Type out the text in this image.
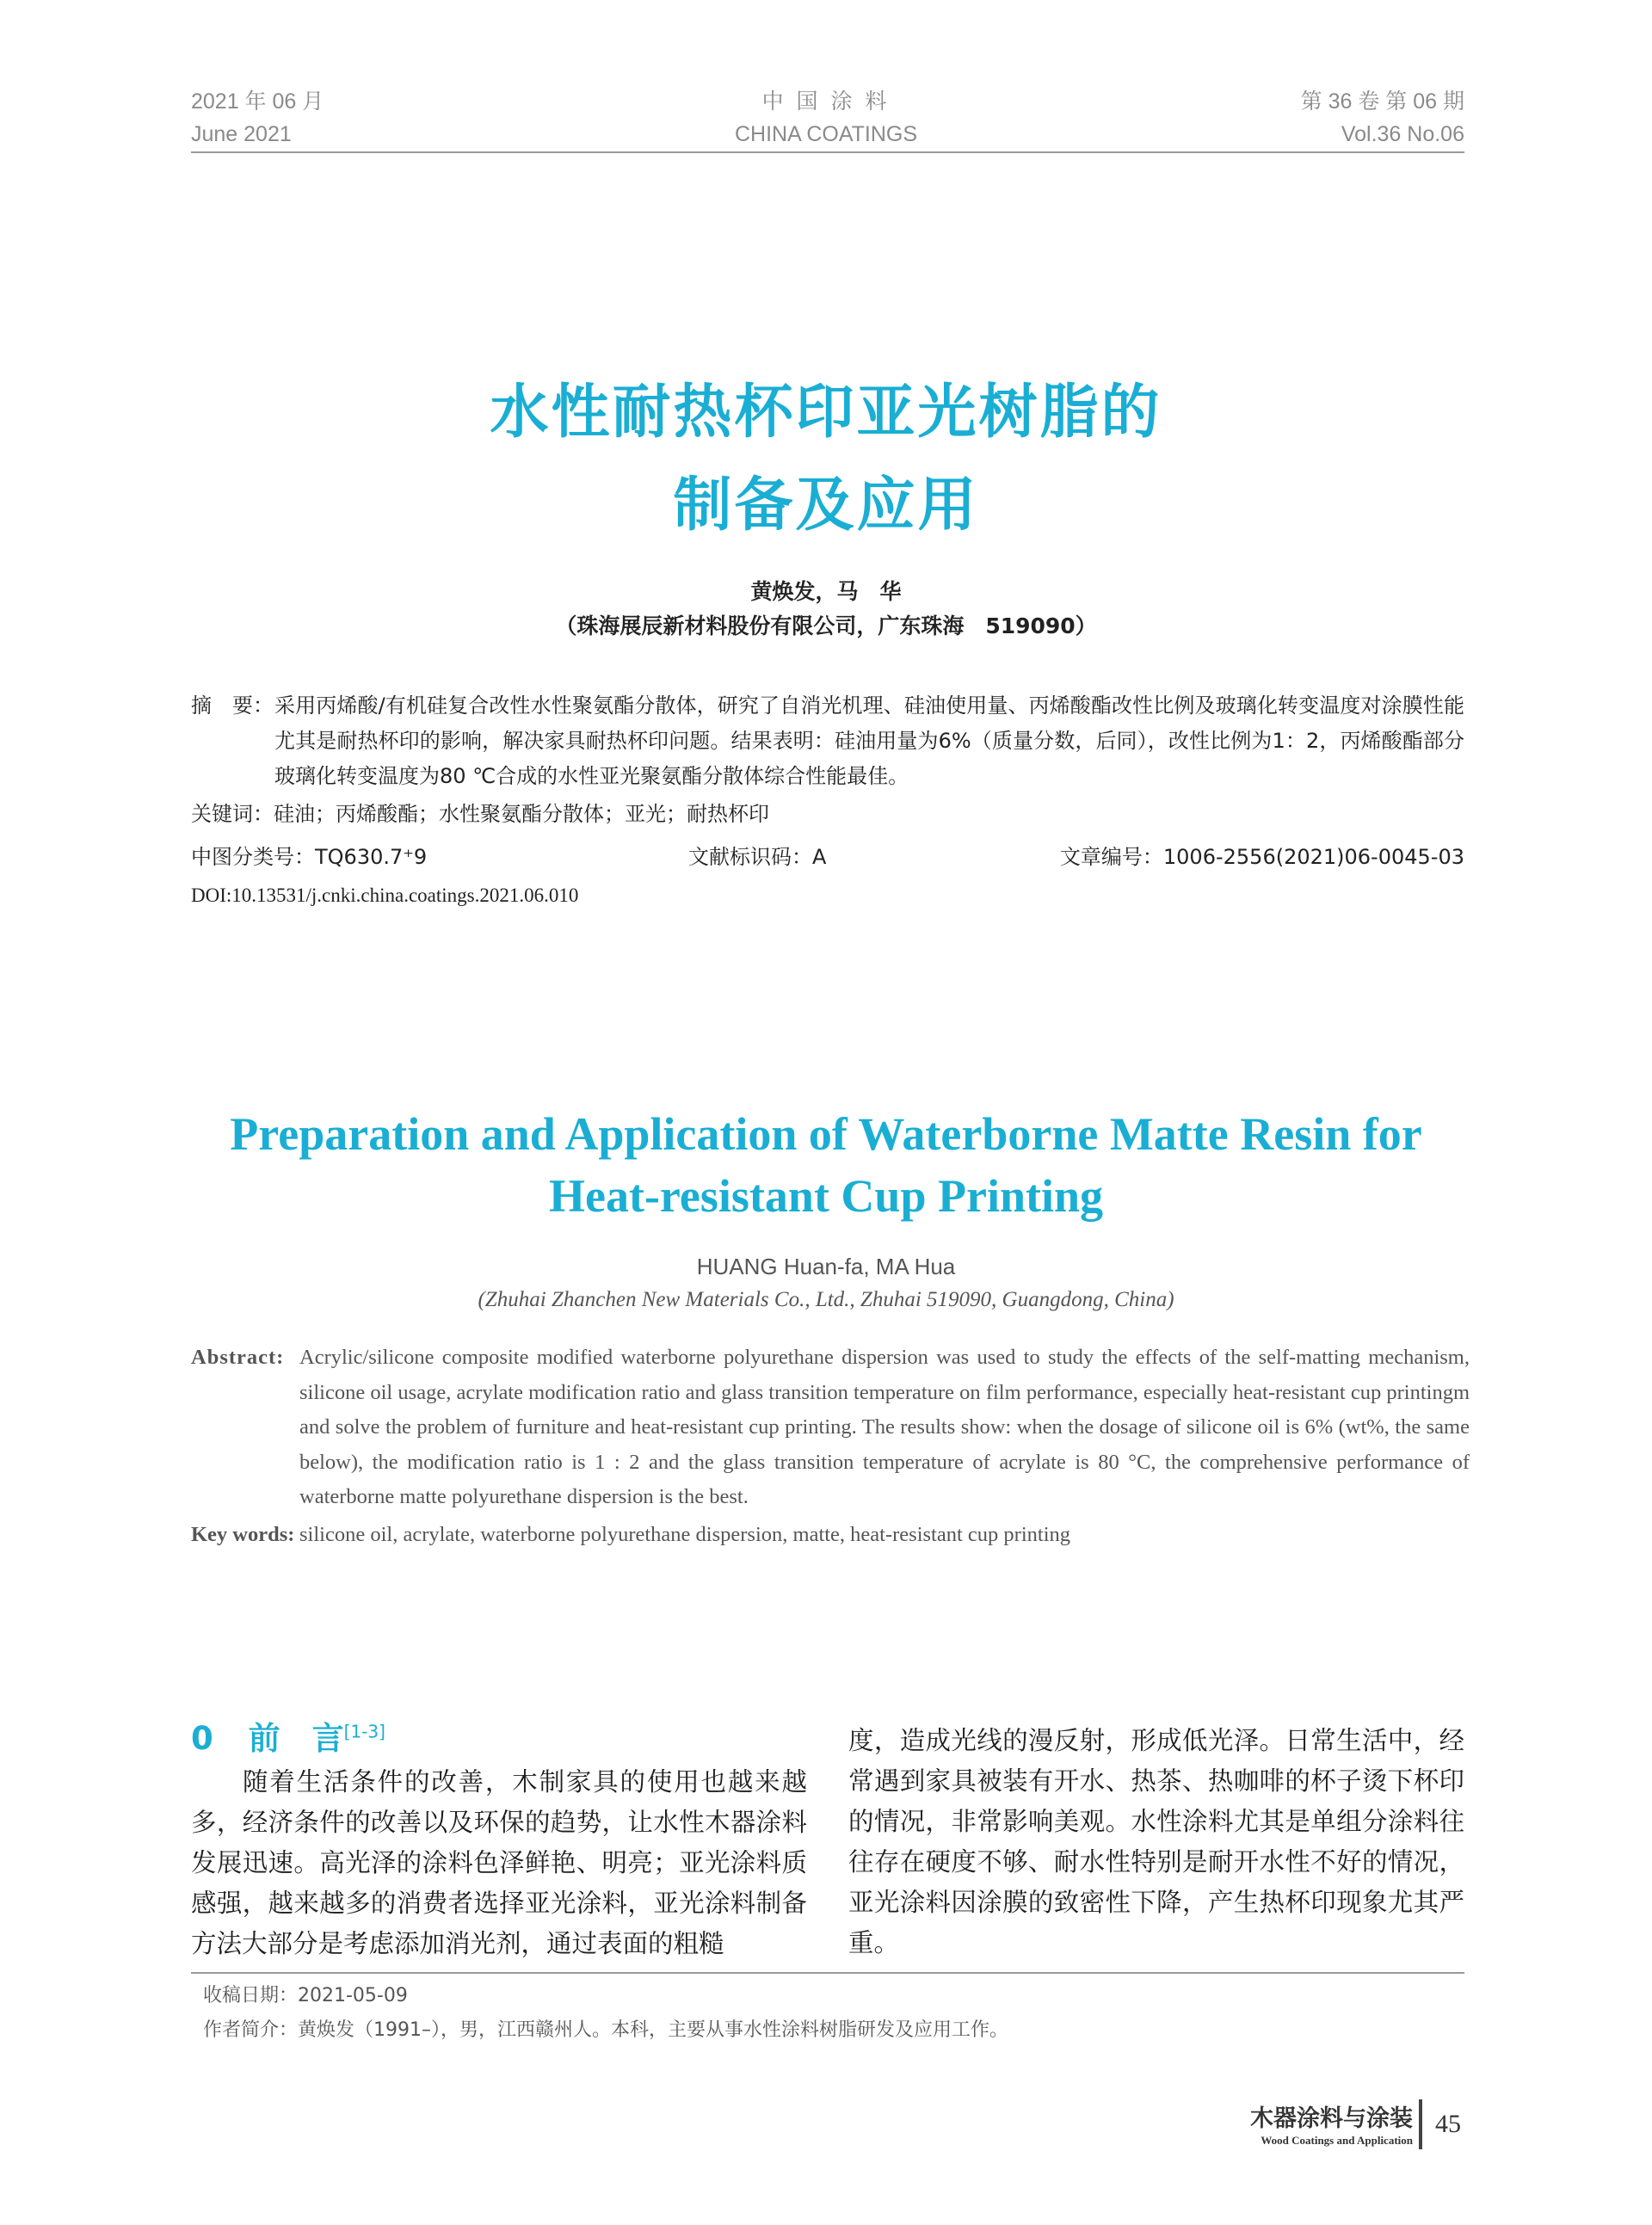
2021 年 06 月
June 2021
中 国 涂 料
CHINA COATINGS
第 36 卷 第 06 期
Vol.36 No.06
水性耐热杯印亚光树脂的
制备及应用
黄焕发，马　华
（珠海展辰新材料股份有限公司，广东珠海　519090）
摘　要： 采用丙烯酸/有机硅复合改性水性聚氨酯分散体，研究了自消光机理、硅油使用量、丙烯酸酯改性比例及玻璃化转变温度对涂膜性能尤其是耐热杯印的影响，解决家具耐热杯印问题。结果表明：硅油用量为6%（质量分数，后同），改性比例为1：2，丙烯酸酯部分玻璃化转变温度为80 ℃合成的水性亚光聚氨酯分散体综合性能最佳。
关键词：硅油；丙烯酸酯；水性聚氨酯分散体；亚光；耐热杯印
中图分类号：TQ630.7⁺9	文献标识码：A	文章编号：1006-2556(2021)06-0045-03
DOI:10.13531/j.cnki.china.coatings.2021.06.010
Preparation and Application of Waterborne Matte Resin for
Heat-resistant Cup Printing
HUANG Huan-fa, MA Hua
(Zhuhai Zhanchen New Materials Co., Ltd., Zhuhai 519090, Guangdong, China)
Abstract: Acrylic/silicone composite modified waterborne polyurethane dispersion was used to study the effects of the self-matting mechanism, silicone oil usage, acrylate modification ratio and glass transition temperature on film performance, especially heat-resistant cup printingm and solve the problem of furniture and heat-resistant cup printing. The results show: when the dosage of silicone oil is 6% (wt%, the same below), the modification ratio is 1 : 2 and the glass transition temperature of acrylate is 80 °C, the comprehensive performance of waterborne matte polyurethane dispersion is the best.
Key words: silicone oil, acrylate, waterborne polyurethane dispersion, matte, heat-resistant cup printing
0 前　言[1-3]
随着生活条件的改善，木制家具的使用也越来越多，经济条件的改善以及环保的趋势，让水性木器涂料发展迅速。高光泽的涂料色泽鲜艳、明亮；亚光涂料质感强，越来越多的消费者选择亚光涂料，亚光涂料制备方法大部分是考虑添加消光剂，通过表面的粗糙
度，造成光线的漫反射，形成低光泽。日常生活中，经常遇到家具被装有开水、热茶、热咖啡的杯子烫下杯印的情况，非常影响美观。水性涂料尤其是单组分涂料往往存在硬度不够、耐水性特别是耐开水性不好的情况，亚光涂料因涂膜的致密性下降，产生热杯印现象尤其严重。
收稿日期：2021-05-09
作者简介：黄焕发（1991–），男，江西赣州人。本科，主要从事水性涂料树脂研发及应用工作。
木器涂料与涂装
Wood Coatings and Application
45
